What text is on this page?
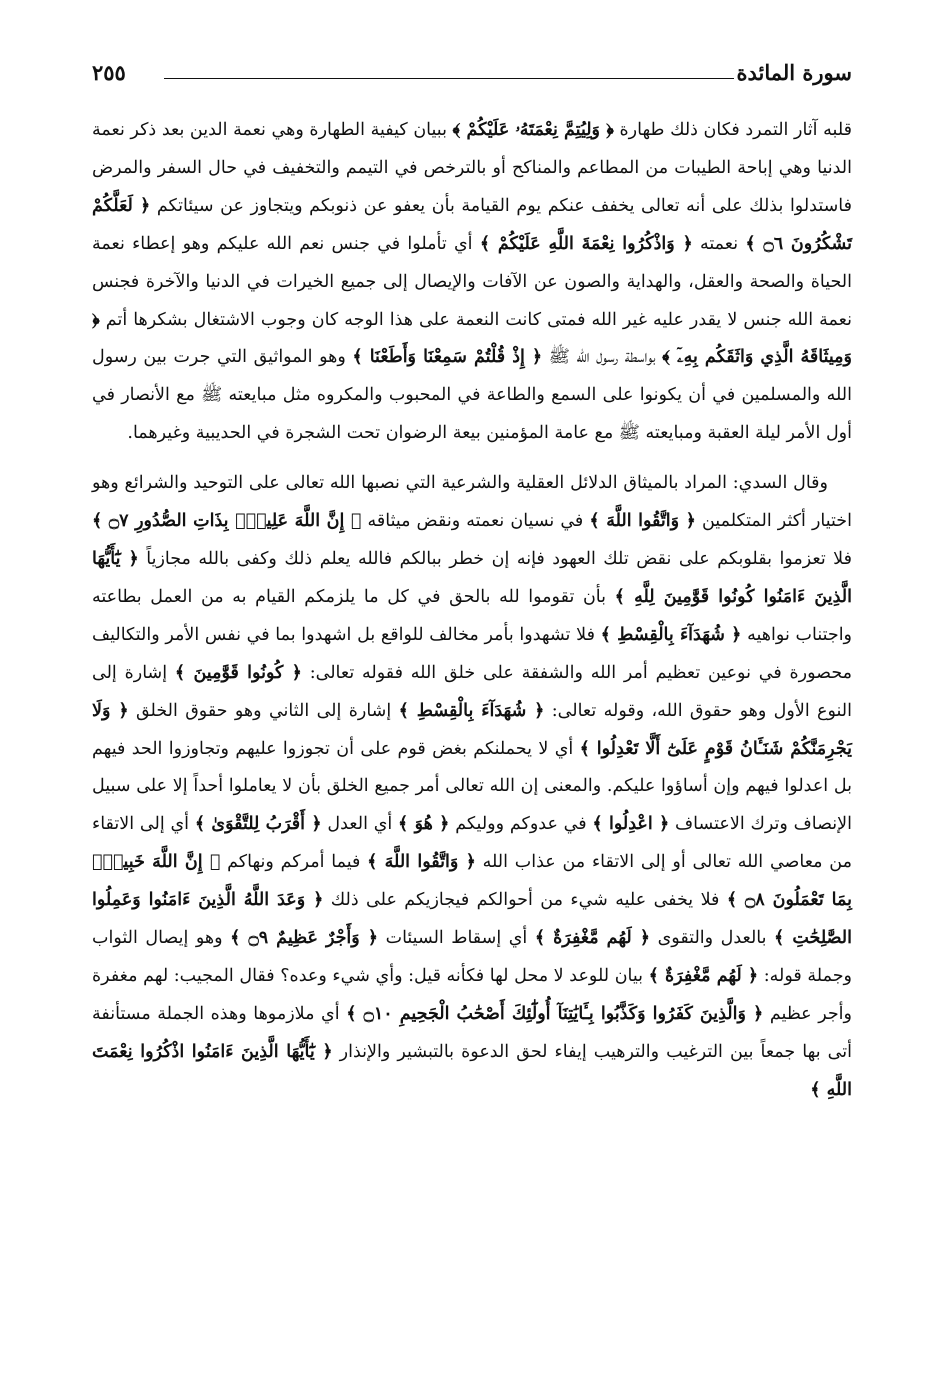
سورة المائدة
٢٥٥

قلبه آثار التمرد فكان ذلك طهارة ﴿ وَلِيُتِمَّ نِعْمَتَهُۥ عَلَيْكُمْ ﴾ ببيان كيفية الطهارة وهي نعمة الدين بعد ذكر نعمة الدنيا وهي إباحة الطيبات من المطاعم والمناكح أو بالترخص في التيمم والتخفيف في حال السفر والمرض فاستدلوا بذلك على أنه تعالى يخفف عنكم يوم القيامة بأن يعفو عن ذنوبكم ويتجاوز عن سيئاتكم ﴿ لَعَلَّكُمْ تَشْكُرُونَ ۝٦ ﴾ نعمته ﴿ وَاذْكُرُوا نِعْمَةَ اللَّهِ عَلَيْكُمْ ﴾ أي تأملوا في جنس نعم الله عليكم وهو إعطاء نعمة الحياة والصحة والعقل، والهداية والصون عن الآفات والإيصال إلى جميع الخيرات في الدنيا والآخرة فجنس نعمة الله جنس لا يقدر عليه غير الله فمتى كانت النعمة على هذا الوجه كان وجوب الاشتغال بشكرها أتم ﴿ وَمِيثَاقَهُ الَّذِي وَاثَقَكُم بِهِۦٓ ﴾ بواسطة رسول الله ﷺ ﴿ إِذْ قُلْتُمْ سَمِعْنَا وَأَطَعْنَا ﴾ وهو المواثيق التي جرت بين رسول الله والمسلمين في أن يكونوا على السمع والطاعة في المحبوب والمكروه مثل مبايعته ﷺ مع الأنصار في أول الأمر ليلة العقبة ومبايعته ﷺ مع عامة المؤمنين بيعة الرضوان تحت الشجرة في الحديبية وغيرهما.

وقال السدي: المراد بالميثاق الدلائل العقلية والشرعية التي نصبها الله تعالى على التوحيد والشرائع وهو اختيار أكثر المتكلمين ﴿ وَاتَّقُوا اللَّهَ ﴾ في نسيان نعمته ونقض ميثاقه ﴿ إِنَّ اللَّهَ عَلِيمٌۢ بِذَاتِ الصُّدُورِ ۝٧ ﴾ فلا تعزموا بقلوبكم على نقض تلك العهود فإنه إن خطر ببالكم فالله يعلم ذلك وكفى بالله مجازياً ﴿ يَٰٓأَيُّهَا الَّذِينَ ءَامَنُوا كُونُوا قَوَّٰمِينَ لِلَّهِ ﴾ بأن تقوموا لله بالحق في كل ما يلزمكم القيام به من العمل بطاعته واجتناب نواهيه ﴿ شُهَدَآءَ بِالْقِسْطِ ﴾ فلا تشهدوا بأمر مخالف للواقع بل اشهدوا بما في نفس الأمر والتكاليف محصورة في نوعين تعظيم أمر الله والشفقة على خلق الله فقوله تعالى: ﴿ كُونُوا قَوَّٰمِينَ ﴾ إشارة إلى النوع الأول وهو حقوق الله، وقوله تعالى: ﴿ شُهَدَآءَ بِالْقِسْطِ ﴾ إشارة إلى الثاني وهو حقوق الخلق ﴿ وَلَا يَجْرِمَنَّكُمْ شَنَـَٔانُ قَوْمٍ عَلَىٰٓ أَلَّا تَعْدِلُوا ﴾ أي لا يحملنكم بغض قوم على أن تجوزوا عليهم وتجاوزوا الحد فيهم بل اعدلوا فيهم وإن أساؤوا عليكم. والمعنى إن الله تعالى أمر جميع الخلق بأن لا يعاملوا أحداً إلا على سبيل الإنصاف وترك الاعتساف ﴿ اعْدِلُوا ﴾ في عدوكم ووليكم ﴿ هُوَ ﴾ أي العدل ﴿ أَقْرَبُ لِلتَّقْوَىٰ ﴾ أي إلى الاتقاء من معاصي الله تعالى أو إلى الاتقاء من عذاب الله ﴿ وَاتَّقُوا اللَّهَ ﴾ فيما أمركم ونهاكم ﴿ إِنَّ اللَّهَ خَبِيرٌۢ بِمَا تَعْمَلُونَ ۝٨ ﴾ فلا يخفى عليه شيء من أحوالكم فيجازيكم على ذلك ﴿ وَعَدَ اللَّهُ الَّذِينَ ءَامَنُوا وَعَمِلُوا الصَّٰلِحَٰتِ ﴾ بالعدل والتقوى ﴿ لَهُم مَّغْفِرَةٌ ﴾ أي إسقاط السيئات ﴿ وَأَجْرٌ عَظِيمٌ ۝٩ ﴾ وهو إيصال الثواب وجملة قوله: ﴿ لَهُم مَّغْفِرَةٌ ﴾ بيان للوعد لا محل لها فكأنه قيل: وأي شيء وعده؟ فقال المجيب: لهم مغفرة وأجر عظيم ﴿ وَالَّذِينَ كَفَرُوا وَكَذَّبُوا بِـَٔايَٰتِنَآ أُولَٰٓئِكَ أَصْحَٰبُ الْجَحِيمِ ۝١٠ ﴾ أي ملازموها وهذه الجملة مستأنفة أتى بها جمعاً بين الترغيب والترهيب إيفاء لحق الدعوة بالتبشير والإنذار ﴿ يَٰٓأَيُّهَا الَّذِينَ ءَامَنُوا اذْكُرُوا نِعْمَتَ اللَّهِ ﴾
